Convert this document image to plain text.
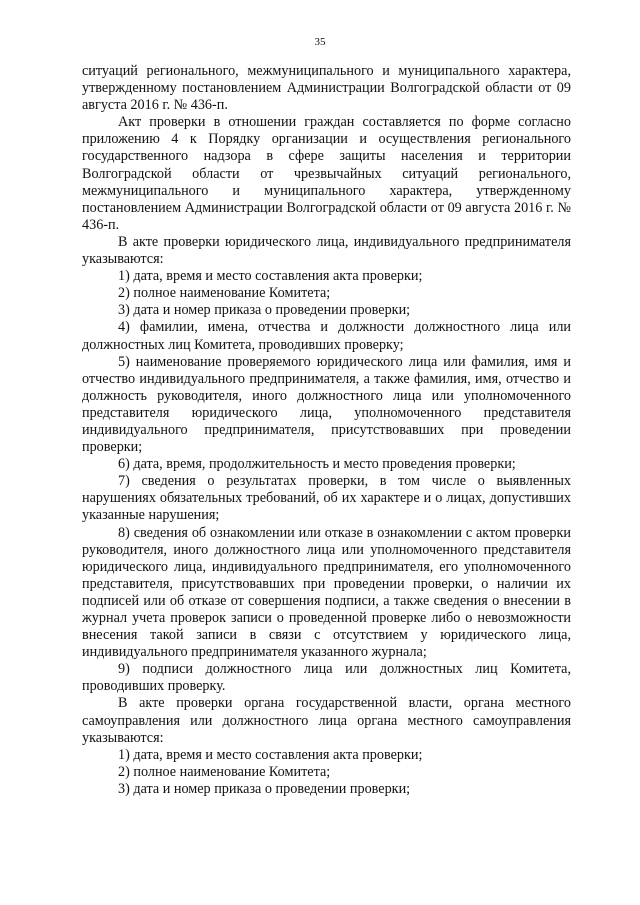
35

ситуаций регионального, межмуниципального и муниципального характера, утвержденному постановлением Администрации Волгоградской области от 09 августа 2016 г. № 436-п.

Акт проверки в отношении граждан составляется по форме согласно приложению 4 к Порядку организации и осуществления регионального государственного надзора в сфере защиты населения и территории Волгоградской области от чрезвычайных ситуаций регионального, межмуниципального и муниципального характера, утвержденному постановлением Администрации Волгоградской области от 09 августа 2016 г. № 436-п.

В акте проверки юридического лица, индивидуального предпринимателя указываются:

1) дата, время и место составления акта проверки;

2) полное наименование Комитета;

3) дата и номер приказа о проведении проверки;

4) фамилии, имена, отчества и должности должностного лица или должностных лиц Комитета, проводивших проверку;

5) наименование проверяемого юридического лица или фамилия, имя и отчество индивидуального предпринимателя, а также фамилия, имя, отчество и должность руководителя, иного должностного лица или уполномоченного представителя юридического лица, уполномоченного представителя индивидуального предпринимателя, присутствовавших при проведении проверки;

6) дата, время, продолжительность и место проведения проверки;

7) сведения о результатах проверки, в том числе о выявленных нарушениях обязательных требований, об их характере и о лицах, допустивших указанные нарушения;

8) сведения об ознакомлении или отказе в ознакомлении с актом проверки руководителя, иного должностного лица или уполномоченного представителя юридического лица, индивидуального предпринимателя, его уполномоченного представителя, присутствовавших при проведении проверки, о наличии их подписей или об отказе от совершения подписи, а также сведения о внесении в журнал учета проверок записи о проведенной проверке либо о невозможности внесения такой записи в связи с отсутствием у юридического лица, индивидуального предпринимателя указанного журнала;

9) подписи должностного лица или должностных лиц Комитета, проводивших проверку.

В акте проверки органа государственной власти, органа местного самоуправления или должностного лица органа местного самоуправления указываются:

1) дата, время и место составления акта проверки;

2) полное наименование Комитета;

3) дата и номер приказа о проведении проверки;
